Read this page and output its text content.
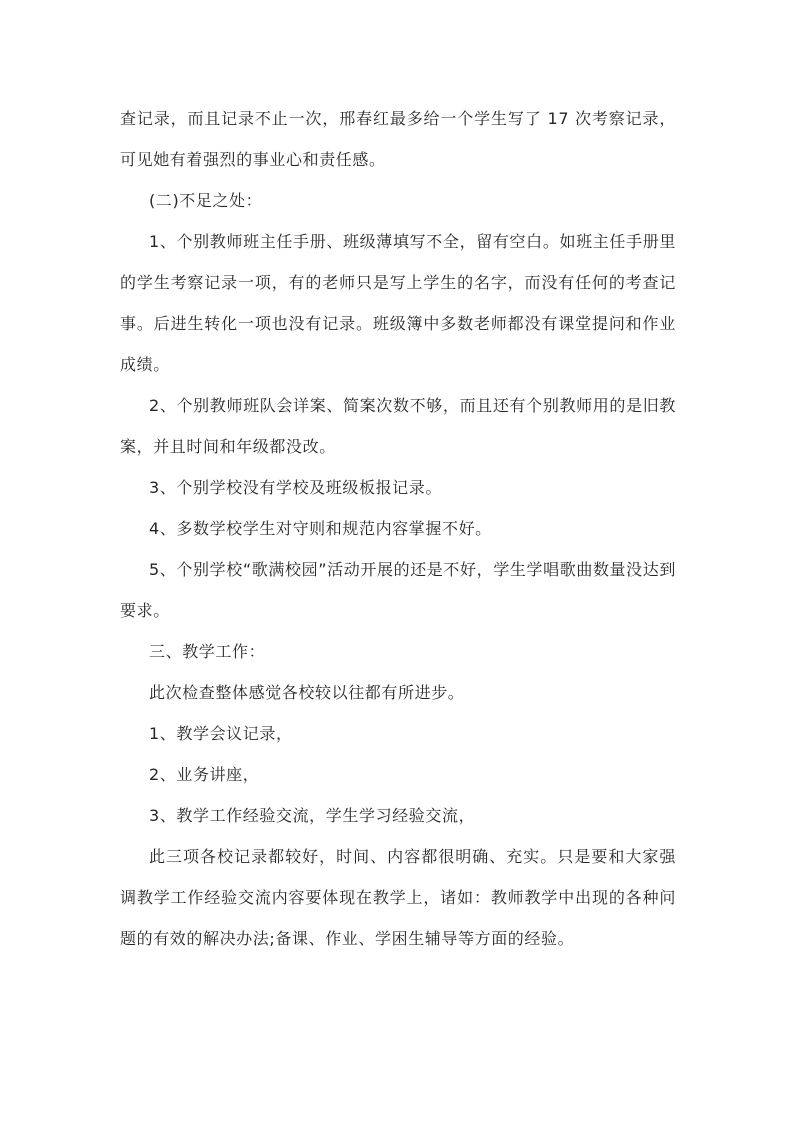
查记录，而且记录不止一次，邢春红最多给一个学生写了 17 次考察记录，可见她有着强烈的事业心和责任感。

(二)不足之处：

1、个别教师班主任手册、班级薄填写不全，留有空白。如班主任手册里的学生考察记录一项，有的老师只是写上学生的名字，而没有任何的考查记事。后进生转化一项也没有记录。班级簿中多数老师都没有课堂提问和作业成绩。

2、个别教师班队会详案、简案次数不够，而且还有个别教师用的是旧教案，并且时间和年级都没改。

3、个别学校没有学校及班级板报记录。

4、多数学校学生对守则和规范内容掌握不好。

5、个别学校“歌满校园”活动开展的还是不好，学生学唱歌曲数量没达到要求。

三、教学工作：

此次检查整体感觉各校较以往都有所进步。

1、教学会议记录，

2、业务讲座，

3、教学工作经验交流，学生学习经验交流，

此三项各校记录都较好，时间、内容都很明确、充实。只是要和大家强调教学工作经验交流内容要体现在教学上，诸如：教师教学中出现的各种问题的有效的解决办法;备课、作业、学困生辅导等方面的经验。
